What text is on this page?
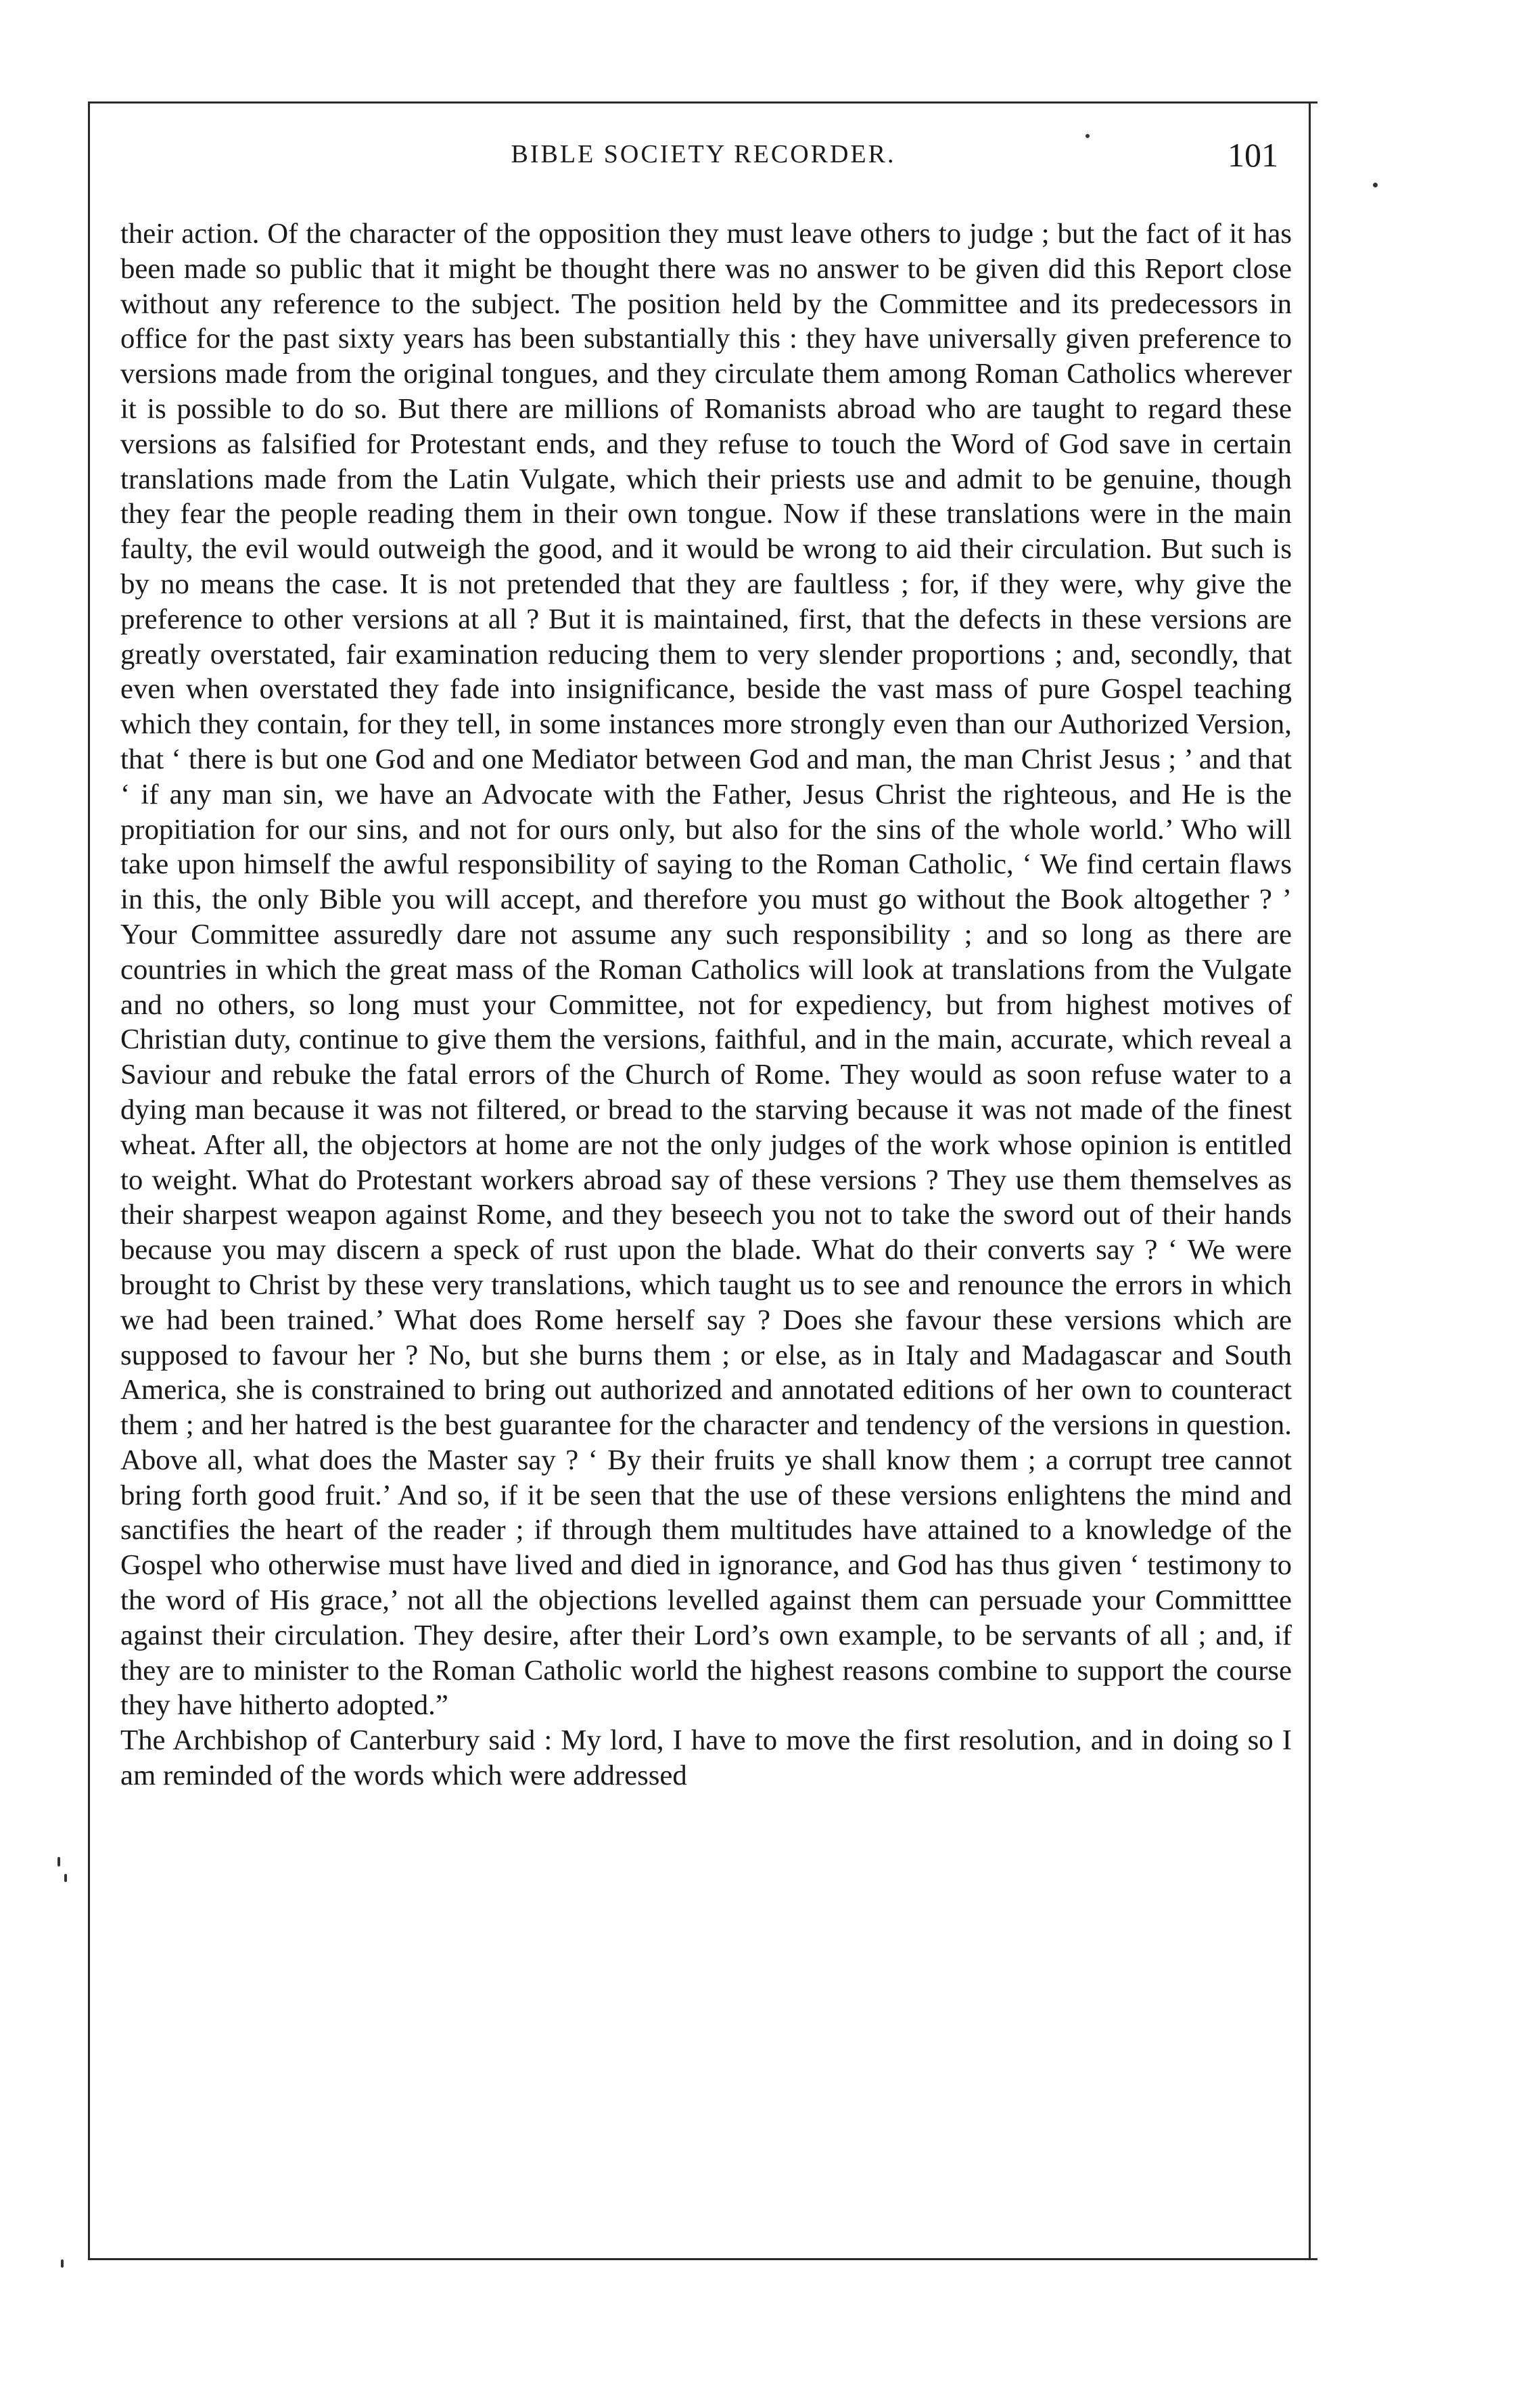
BIBLE SOCIETY RECORDER.	101

their action. Of the character of the opposition they must leave others to judge ; but the fact of it has been made so public that it might be thought there was no answer to be given did this Report close without any reference to the subject. The position held by the Committee and its predecessors in office for the past sixty years has been substantially this : they have universally given preference to versions made from the original tongues, and they circulate them among Roman Catholics wherever it is possible to do so. But there are millions of Romanists abroad who are taught to regard these versions as falsified for Protestant ends, and they refuse to touch the Word of God save in certain translations made from the Latin Vulgate, which their priests use and admit to be genuine, though they fear the people reading them in their own tongue. Now if these translations were in the main faulty, the evil would outweigh the good, and it would be wrong to aid their circulation. But such is by no means the case. It is not pretended that they are faultless ; for, if they were, why give the preference to other versions at all ? But it is maintained, first, that the defects in these versions are greatly overstated, fair examination reducing them to very slender proportions ; and, secondly, that even when overstated they fade into insignificance, beside the vast mass of pure Gospel teaching which they contain, for they tell, in some instances more strongly even than our Authorized Version, that ‘ there is but one God and one Mediator between God and man, the man Christ Jesus ; ’ and that ‘ if any man sin, we have an Advocate with the Father, Jesus Christ the righteous, and He is the propitiation for our sins, and not for ours only, but also for the sins of the whole world.’ Who will take upon himself the awful responsibility of saying to the Roman Catholic, ‘ We find certain flaws in this, the only Bible you will accept, and therefore you must go without the Book altogether ? ’ Your Committee assuredly dare not assume any such responsibility ; and so long as there are countries in which the great mass of the Roman Catholics will look at translations from the Vulgate and no others, so long must your Committee, not for expediency, but from highest motives of Christian duty, continue to give them the versions, faithful, and in the main, accurate, which reveal a Saviour and rebuke the fatal errors of the Church of Rome. They would as soon refuse water to a dying man because it was not filtered, or bread to the starving because it was not made of the finest wheat. After all, the objectors at home are not the only judges of the work whose opinion is entitled to weight. What do Protestant workers abroad say of these versions ? They use them themselves as their sharpest weapon against Rome, and they beseech you not to take the sword out of their hands because you may discern a speck of rust upon the blade. What do their converts say ? ‘ We were brought to Christ by these very translations, which taught us to see and renounce the errors in which we had been trained.’ What does Rome herself say ? Does she favour these versions which are supposed to favour her ? No, but she burns them ; or else, as in Italy and Madagascar and South America, she is constrained to bring out authorized and annotated editions of her own to counteract them ; and her hatred is the best guarantee for the character and tendency of the versions in question. Above all, what does the Master say ? ‘ By their fruits ye shall know them ; a corrupt tree cannot bring forth good fruit.’ And so, if it be seen that the use of these versions enlightens the mind and sanctifies the heart of the reader ; if through them multitudes have attained to a knowledge of the Gospel who otherwise must have lived and died in ignorance, and God has thus given ‘ testimony to the word of His grace,’ not all the objections levelled against them can persuade your Committtee against their circulation. They desire, after their Lord’s own example, to be servants of all ; and, if they are to minister to the Roman Catholic world the highest reasons combine to support the course they have hitherto adopted.”

The Archbishop of Canterbury said : My lord, I have to move the first resolution, and in doing so I am reminded of the words which were addressed
